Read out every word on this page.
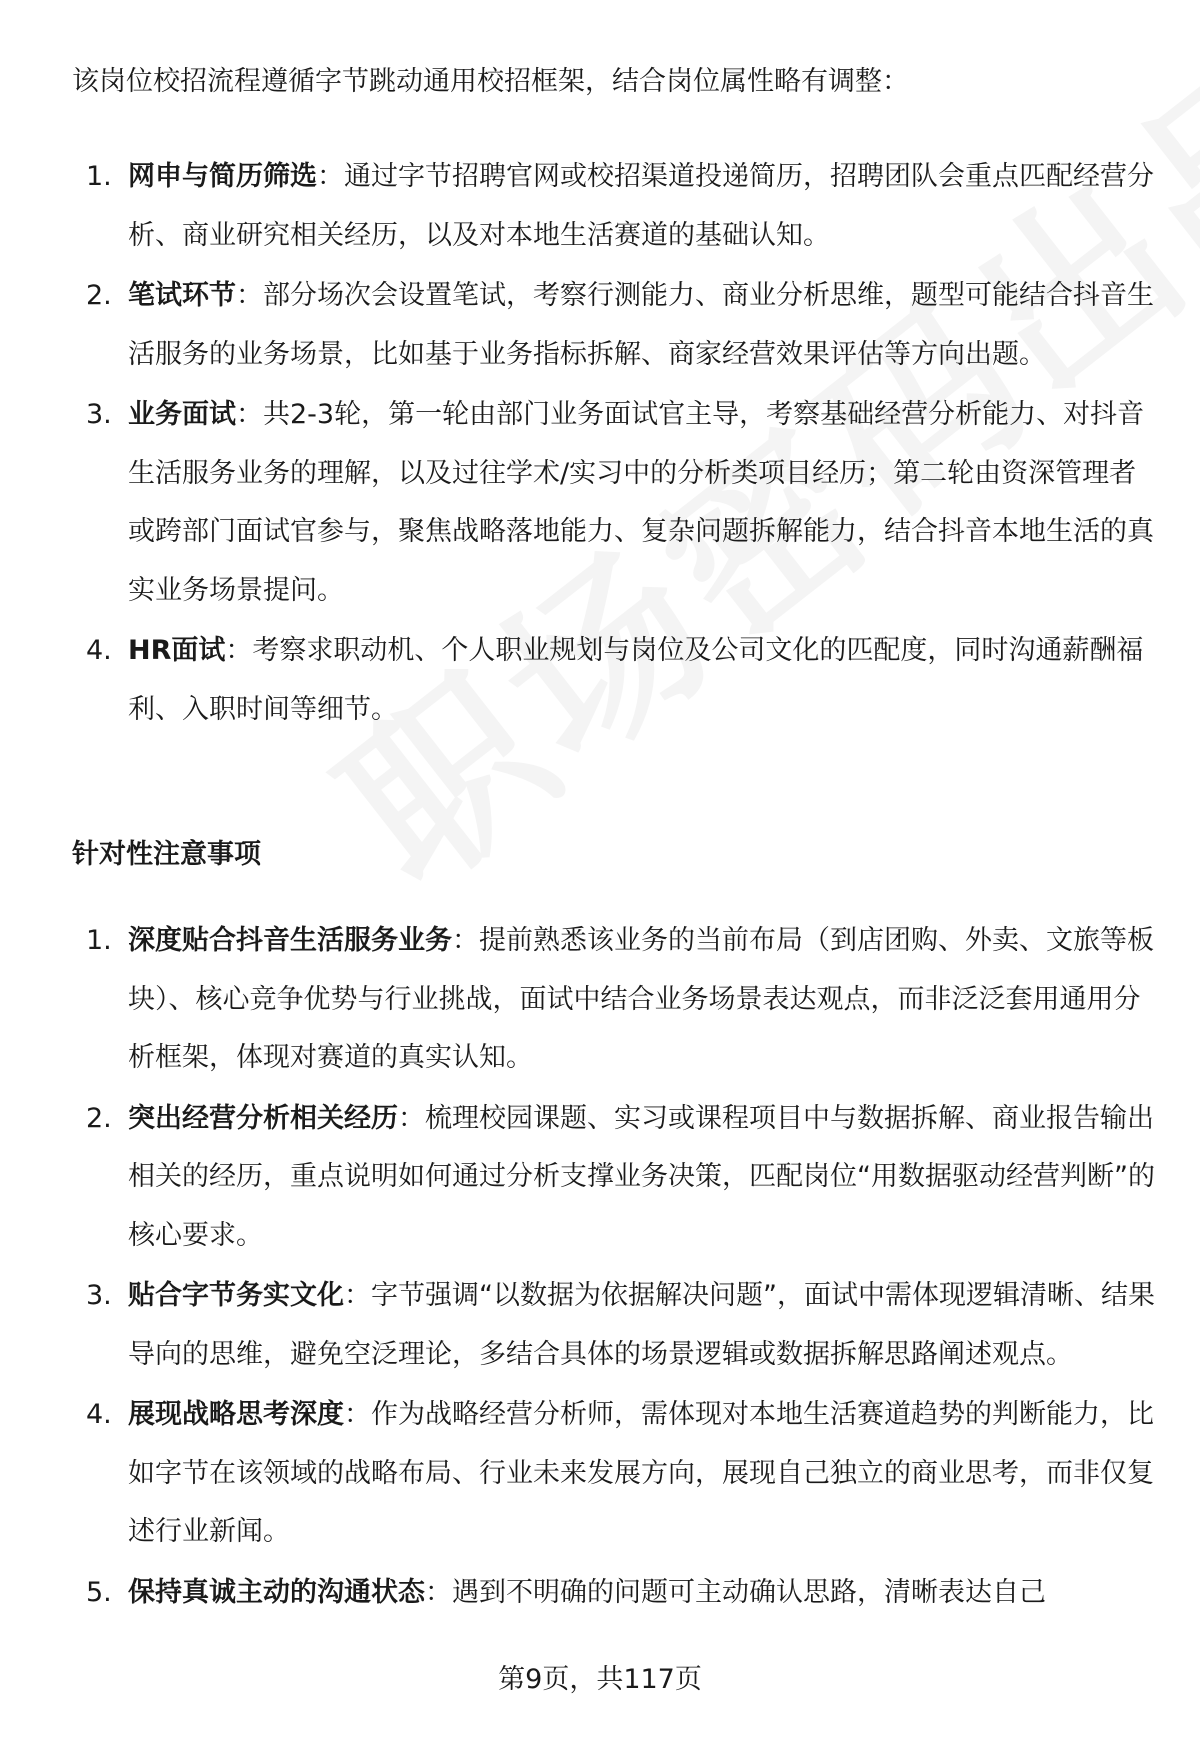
该岗位校招流程遵循字节跳动通用校招框架，结合岗位属性略有调整：

1. 网申与简历筛选：通过字节招聘官网或校招渠道投递简历，招聘团队会重点匹配经营分析、商业研究相关经历，以及对本地生活赛道的基础认知。
2. 笔试环节：部分场次会设置笔试，考察行测能力、商业分析思维，题型可能结合抖音生活服务的业务场景，比如基于业务指标拆解、商家经营效果评估等方向出题。
3. 业务面试：共2-3轮，第一轮由部门业务面试官主导，考察基础经营分析能力、对抖音生活服务业务的理解，以及过往学术/实习中的分析类项目经历；第二轮由资深管理者或跨部门面试官参与，聚焦战略落地能力、复杂问题拆解能力，结合抖音本地生活的真实业务场景提问。
4. HR面试：考察求职动机、个人职业规划与岗位及公司文化的匹配度，同时沟通薪酬福利、入职时间等细节。
针对性注意事项
1. 深度贴合抖音生活服务业务：提前熟悉该业务的当前布局（到店团购、外卖、文旅等板块）、核心竞争优势与行业挑战，面试中结合业务场景表达观点，而非泛泛套用通用分析框架，体现对赛道的真实认知。
2. 突出经营分析相关经历：梳理校园课题、实习或课程项目中与数据拆解、商业报告输出相关的经历，重点说明如何通过分析支撑业务决策，匹配岗位“用数据驱动经营判断”的核心要求。
3. 贴合字节务实文化：字节强调“以数据为依据解决问题”，面试中需体现逻辑清晰、结果导向的思维，避免空泛理论，多结合具体的场景逻辑或数据拆解思路阐述观点。
4. 展现战略思考深度：作为战略经营分析师，需体现对本地生活赛道趋势的判断能力，比如字节在该领域的战略布局、行业未来发展方向，展现自己独立的商业思考，而非仅复述行业新闻。
5. 保持真诚主动的沟通状态：遇到不明确的问题可主动确认思路，清晰表达自己
第9页，共117页
